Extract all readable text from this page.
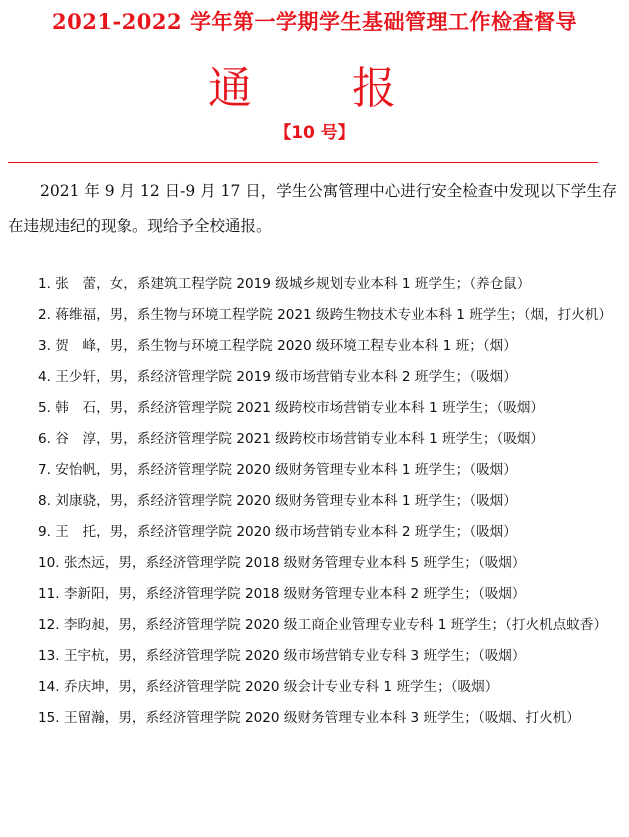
2021-2022 学年第一学期学生基础管理工作检查督导
通 报
【10 号】
2021 年 9 月 12 日-9 月 17 日，学生公寓管理中心进行安全检查中发现以下学生存在违规违纪的现象。现给予全校通报。
1. 张　蕾，女，系建筑工程学院 2019 级城乡规划专业本科 1 班学生；（养仓鼠）
2. 蒋维福，男，系生物与环境工程学院 2021 级跨生物技术专业本科 1 班学生；（烟，打火机）
3. 贺　峰，男，系生物与环境工程学院 2020 级环境工程专业本科 1 班；（烟）
4. 王少轩，男，系经济管理学院 2019 级市场营销专业本科 2 班学生；（吸烟）
5. 韩　石，男，系经济管理学院 2021 级跨校市场营销专业本科 1 班学生；（吸烟）
6. 谷　淳，男，系经济管理学院 2021 级跨校市场营销专业本科 1 班学生；（吸烟）
7. 安怡帆，男，系经济管理学院 2020 级财务管理专业本科 1 班学生；（吸烟）
8. 刘康骁，男，系经济管理学院 2020 级财务管理专业本科 1 班学生；（吸烟）
9. 王　托，男，系经济管理学院 2020 级市场营销专业本科 2 班学生；（吸烟）
10. 张杰远，男，系经济管理学院 2018 级财务管理专业本科 5 班学生；（吸烟）
11. 李新阳，男，系经济管理学院 2018 级财务管理专业本科 2 班学生；（吸烟）
12. 李昀昶，男，系经济管理学院 2020 级工商企业管理专业专科 1 班学生；（打火机点蚊香）
13. 王宇杭，男，系经济管理学院 2020 级市场营销专业专科 3 班学生；（吸烟）
14. 乔庆坤，男，系经济管理学院 2020 级会计专业专科 1 班学生；（吸烟）
15. 王留瀚，男，系经济管理学院 2020 级财务管理专业本科 3 班学生；（吸烟、打火机）
